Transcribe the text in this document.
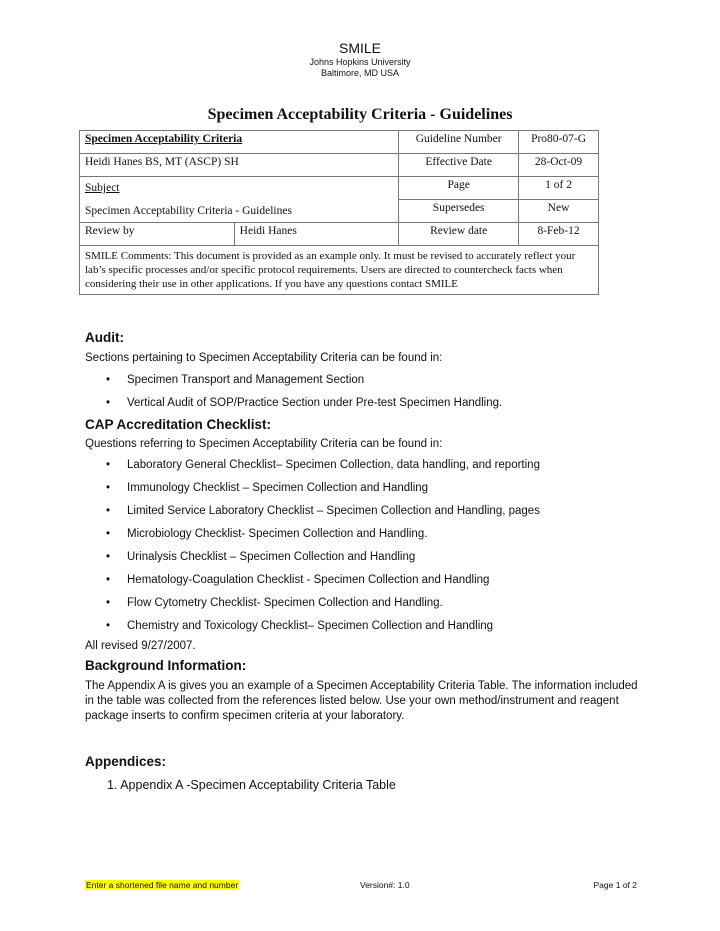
SMILE
Johns Hopkins University
Baltimore, MD USA
Specimen Acceptability Criteria - Guidelines
Specimen Acceptability Criteria		Guideline Number	Pro80-07-G
Heidi Hanes BS, MT (ASCP) SH		Effective Date	28-Oct-09

Subject
Specimen Acceptability Criteria - Guidelines		Page	1 of 2
		Supersedes	New
Review by	Heidi Hanes	Review date	8-Feb-12
SMILE Comments: This document is provided as an example only. It must be revised to accurately reflect your lab’s specific processes and/or specific protocol requirements. Users are directed to countercheck facts when considering their use in other applications. If you have any questions contact SMILE			
Audit:

Sections pertaining to Specimen Acceptability Criteria can be found in:

• Specimen Transport and Management Section
• Vertical Audit of SOP/Practice Section under Pre-test Specimen Handling.
CAP Accreditation Checklist:

Questions referring to Specimen Acceptability Criteria can be found in:

• Laboratory General Checklist– Specimen Collection, data handling, and reporting
• Immunology Checklist – Specimen Collection and Handling
• Limited Service Laboratory Checklist – Specimen Collection and Handling, pages
• Microbiology Checklist- Specimen Collection and Handling.
• Urinalysis Checklist – Specimen Collection and Handling
• Hematology-Coagulation Checklist - Specimen Collection and Handling
• Flow Cytometry Checklist- Specimen Collection and Handling.
• Chemistry and Toxicology Checklist– Specimen Collection and Handling

All revised 9/27/2007.

Background Information:

The Appendix A is gives you an example of a Specimen Acceptability Criteria Table. The information included in the table was collected from the references listed below. Use your own method/instrument and reagent package inserts to confirm specimen criteria at your laboratory.

Appendices:
1. Appendix A -Specimen Acceptability Criteria Table
Enter a shortened file name and number	Version#: 1.0	Page 1 of 2
